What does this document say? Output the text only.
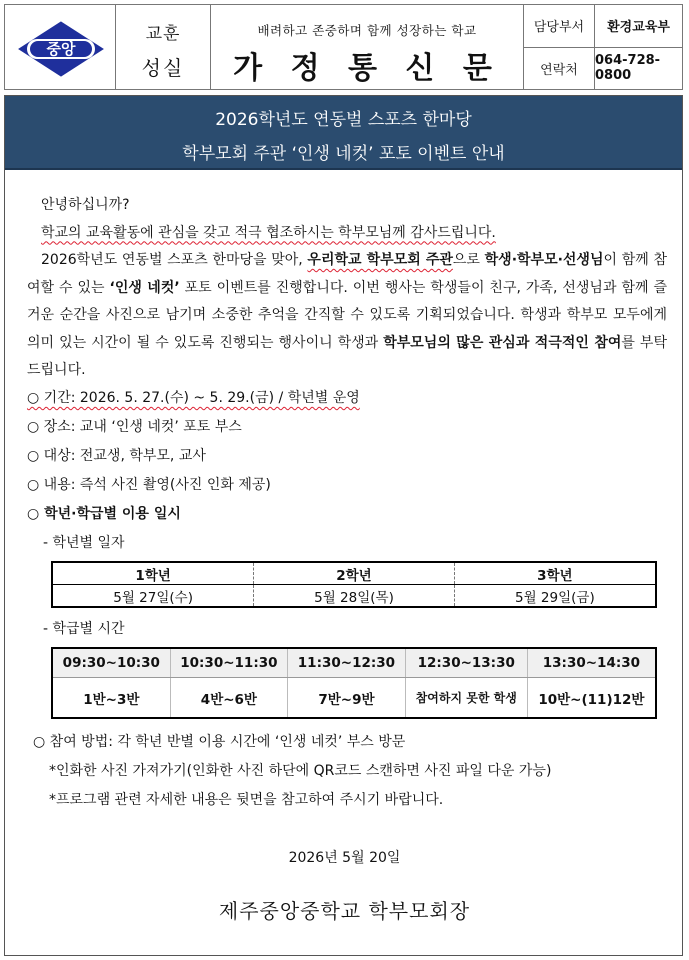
중앙
교훈
성실
배려하고 존중하며 함께 성장하는 학교
가 정 통 신 문
담당부서	환경교육부
연락처
064-728-0800
2026학년도 연동벌 스포츠 한마당
학부모회 주관 ‘인생 네컷’ 포토 이벤트 안내

안녕하십니까?

학교의 교육활동에 관심을 갖고 적극 협조하시는 학부모님께 감사드립니다.

2026학년도 연동벌 스포츠 한마당을 맞아, 우리학교 학부모회 주관으로 학생·학부모·선생님이 함께 참여할 수 있는 ‘인생 네컷’ 포토 이벤트를 진행합니다. 이번 행사는 학생들이 친구, 가족, 선생님과 함께 즐거운 순간을 사진으로 남기며 소중한 추억을 간직할 수 있도록 기획되었습니다. 학생과 학부모 모두에게 의미 있는 시간이 될 수 있도록 진행되는 행사이니 학생과 학부모님의 많은 관심과 적극적인 참여를 부탁드립니다.

○ 기간: 2026. 5. 27.(수) ~ 5. 29.(금) / 학년별 운영
○ 장소: 교내 ‘인생 네컷’ 포토 부스
○ 대상: 전교생, 학부모, 교사
○ 내용: 즉석 사진 촬영(사진 인화 제공)
○ 학년·학급별 이용 일시
- 학년별 일자
1학년	2학년	3학년
5월 27일(수)	5월 28일(목)	5월 29일(금)
- 학급별 시간
09:30~10:30	10:30~11:30	11:30~12:30	12:30~13:30	13:30~14:30
1반~3반	4반~6반	7반~9반	참여하지 못한 학생	10반~(11)12반
○ 참여 방법: 각 학년 반별 이용 시간에 ‘인생 네컷’ 부스 방문
*인화한 사진 가져가기(인화한 사진 하단에 QR코드 스캔하면 사진 파일 다운 가능)
*프로그램 관련 자세한 내용은 뒷면을 참고하여 주시기 바랍니다.
2026년 5월 20일
제주중앙중학교 학부모회장
